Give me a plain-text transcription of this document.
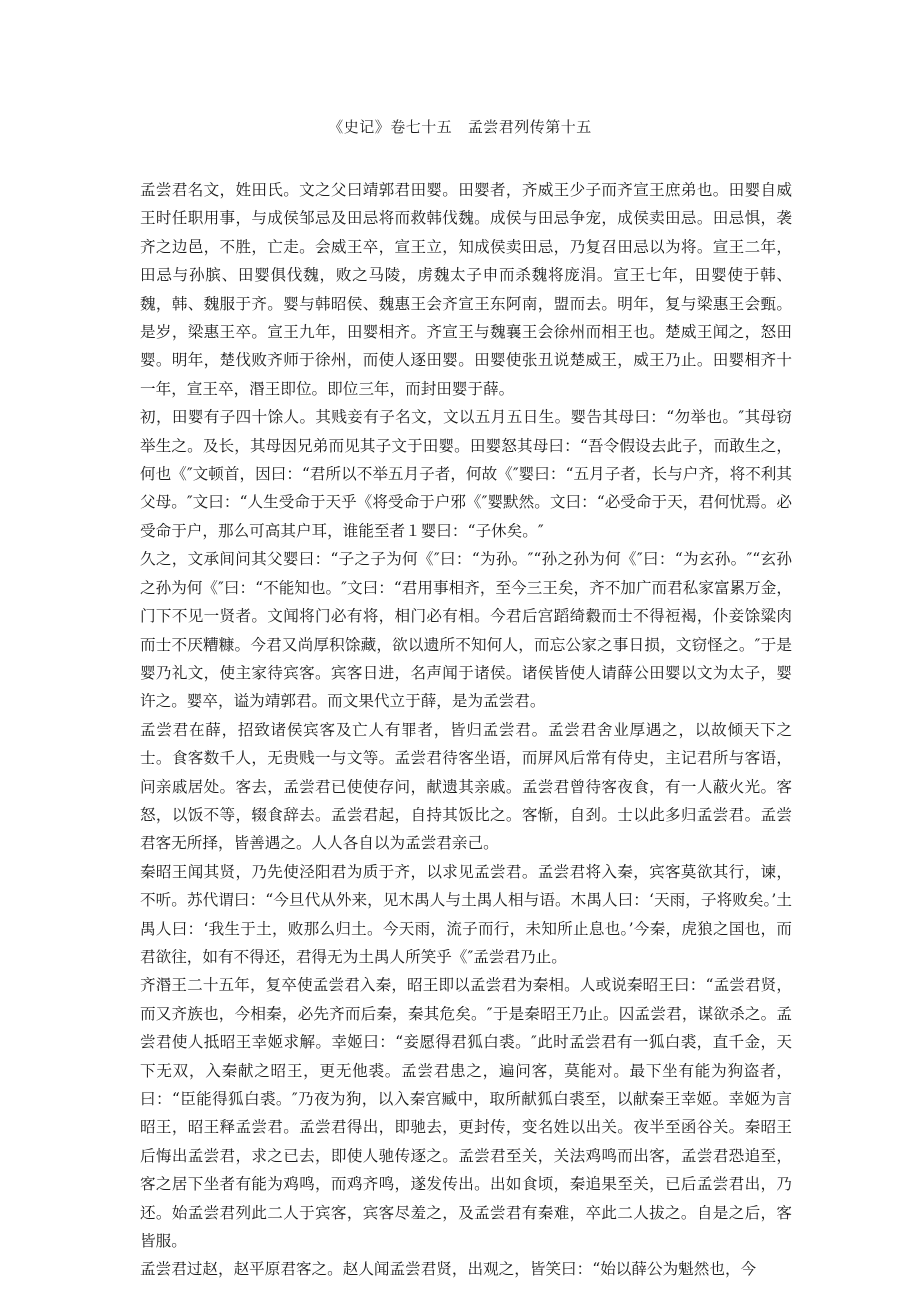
《史记》卷七十五　孟尝君列传第十五

孟尝君名文，姓田氏。文之父曰靖郭君田婴。田婴者，齐威王少子而齐宣王庶弟也。田婴自威王时任职用事，与成侯邹忌及田忌将而救韩伐魏。成侯与田忌争宠，成侯卖田忌。田忌惧，袭齐之边邑，不胜，亡走。会威王卒，宣王立，知成侯卖田忌，乃复召田忌以为将。宣王二年，田忌与孙膑、田婴俱伐魏，败之马陵，虏魏太子申而杀魏将庞涓。宣王七年，田婴使于韩、魏，韩、魏服于齐。婴与韩昭侯、魏惠王会齐宣王东阿南，盟而去。明年，复与梁惠王会甄。是岁，梁惠王卒。宣王九年，田婴相齐。齐宣王与魏襄王会徐州而相王也。楚威王闻之，怒田婴。明年，楚伐败齐师于徐州，而使人逐田婴。田婴使张丑说楚威王，威王乃止。田婴相齐十一年，宣王卒，湣王即位。即位三年，而封田婴于薛。

初，田婴有子四十馀人。其贱妾有子名文，文以五月五日生。婴告其母曰：“勿举也。″其母窃举生之。及长，其母因兄弟而见其子文于田婴。田婴怒其母曰：“吾令假设去此子，而敢生之，何也《″文顿首，因曰：“君所以不举五月子者，何故《″婴曰：“五月子者，长与户齐，将不利其父母。″文曰：“人生受命于天乎《将受命于户邪《″婴默然。文曰：“必受命于天，君何忧焉。必受命于户，那么可高其户耳，谁能至者１婴曰：“子休矣。″

久之，文承间问其父婴曰：“子之子为何《″曰：“为孙。″“孙之孙为何《″曰：“为玄孙。″“玄孙之孙为何《″曰：“不能知也。″文曰：“君用事相齐，至今三王矣，齐不加广而君私家富累万金，门下不见一贤者。文闻将门必有将，相门必有相。今君后宫蹈绮縠而士不得裋褐，仆妾馀粱肉而士不厌糟糠。今君又尚厚积馀藏，欲以遗所不知何人，而忘公家之事日损，文窃怪之。″于是婴乃礼文，使主家待宾客。宾客日进，名声闻于诸侯。诸侯皆使人请薛公田婴以文为太子，婴许之。婴卒，谥为靖郭君。而文果代立于薛，是为孟尝君。

孟尝君在薛，招致诸侯宾客及亡人有罪者，皆归孟尝君。孟尝君舍业厚遇之，以故倾天下之士。食客数千人，无贵贱一与文等。孟尝君待客坐语，而屏风后常有侍史，主记君所与客语，问亲戚居处。客去，孟尝君已使使存问，献遗其亲戚。孟尝君曾待客夜食，有一人蔽火光。客怒，以饭不等，辍食辞去。孟尝君起，自持其饭比之。客惭，自刭。士以此多归孟尝君。孟尝君客无所择，皆善遇之。人人各自以为孟尝君亲己。

秦昭王闻其贤，乃先使泾阳君为质于齐，以求见孟尝君。孟尝君将入秦，宾客莫欲其行，谏，不听。苏代谓曰：“今旦代从外来，见木禺人与土禺人相与语。木禺人曰：‘天雨，子将败矣。’土禺人曰：‘我生于土，败那么归土。今天雨，流子而行，未知所止息也。’今秦，虎狼之国也，而君欲往，如有不得还，君得无为土禺人所笑乎《″孟尝君乃止。

齐湣王二十五年，复卒使孟尝君入秦，昭王即以孟尝君为秦相。人或说秦昭王曰：“孟尝君贤，而又齐族也，今相秦，必先齐而后秦，秦其危矣。″于是秦昭王乃止。囚孟尝君，谋欲杀之。孟尝君使人抵昭王幸姬求解。幸姬曰：“妾愿得君狐白裘。″此时孟尝君有一狐白裘，直千金，天下无双，入秦献之昭王，更无他裘。孟尝君患之，遍问客，莫能对。最下坐有能为狗盗者，曰：“臣能得狐白裘。″乃夜为狗，以入秦宫臧中，取所献狐白裘至，以献秦王幸姬。幸姬为言昭王，昭王释孟尝君。孟尝君得出，即驰去，更封传，变名姓以出关。夜半至函谷关。秦昭王后悔出孟尝君，求之已去，即使人驰传逐之。孟尝君至关，关法鸡鸣而出客，孟尝君恐追至，客之居下坐者有能为鸡鸣，而鸡齐鸣，遂发传出。出如食顷，秦追果至关，已后孟尝君出，乃还。始孟尝君列此二人于宾客，宾客尽羞之，及孟尝君有秦难，卒此二人拔之。自是之后，客皆服。

孟尝君过赵，赵平原君客之。赵人闻孟尝君贤，出观之，皆笑曰：“始以薛公为魁然也，今
